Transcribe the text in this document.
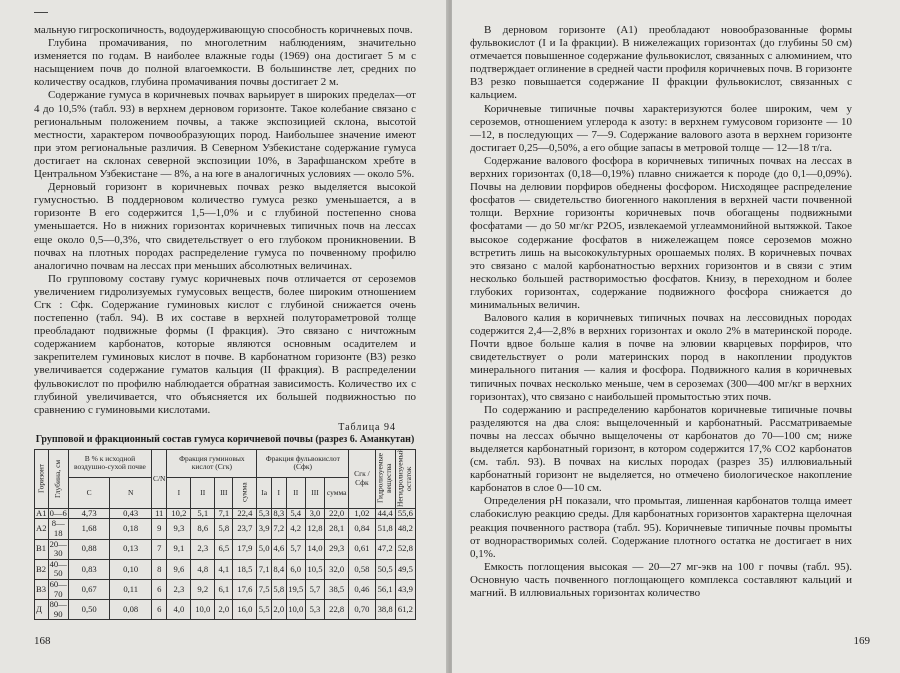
мальную гигроскопичность, водоудерживающую способность коричневых почв.

Глубина промачивания, по многолетним наблюдениям, значительно изменяется по годам. В наиболее влажные годы (1969) она достигает 5 м с насыщением почв до полной влагоемкости. В большинстве лет, средних по количеству осадков, глубина промачивания почвы достигает 2 м.

Содержание гумуса в коричневых почвах варьирует в широких пределах—от 4 до 10,5% (табл. 93) в верхнем дерновом горизонте. Такое колебание связано с региональным положением почвы, а также экспозицией склона, высотой местности, характером почвообразующих пород. Наибольшее значение имеют при этом региональные различия. В Северном Узбекистане содержание гумуса достигает на склонах северной экспозиции 10%, в Зарафшанском хребте в Центральном Узбекистане — 8%, а на юге в аналогичных условиях — около 5%.

Дерновый горизонт в коричневых почвах резко выделяется высокой гумусностью. В поддерновом количество гумуса резко уменьшается, а в горизонте В его содержится 1,5—1,0% и с глубиной постепенно снова уменьшается. Но в нижних горизонтах коричневых типичных почв на лессах еще около 0,5—0,3%, что свидетельствует о его глубоком проникновении. В почвах на плотных породах распределение гумуса по почвенному профилю аналогично почвам на лессах при меньших абсолютных величинах.

По групповому составу гумус коричневых почв отличается от сероземов увеличением гидролизуемых гумусовых веществ, более широким отношением Сгк : Сфк. Содержание гуминовых кислот с глубиной снижается очень постепенно (табл. 94). В их составе в верхней полутораметровой толще преобладают подвижные формы (I фракция). Это связано с ничтожным содержанием карбонатов, которые являются основным осадителем и закрепителем гуминовых кислот в почве. В карбонатном горизонте (В3) резко увеличивается содержание гуматов кальция (II фракция). В распределении фульвокислот по профилю наблюдается обратная зависимость. Количество их с глубиной увеличивается, что объясняется их большей подвижностью по сравнению с гуминовыми кислотами.

Таблица 94
Групповой и фракционный состав гумуса коричневой почвы (разрез 6. Аманкутан)
Горизонт	Глубина, см	В % к исходной воздушно-сухой почве		C/N	Фракция гуминовых кислот (Сгк)				Фракция фульвокислот (Сфк)					Сгк / Сфк	Гидролизуемые вещества	Негидролизуемый остаток
		C	N		I	II	III	сумма	Ia	I	II	III	сумма			
A1	0—6	4,73	0,43	11	10,2	5,1	7,1	22,4	5,3	8,3	5,4	3,0	22,0	1,02	44,4	55,6
A2	8—18	1,68	0,18	9	9,3	8,6	5,8	23,7	3,9	7,2	4,2	12,8	28,1	0,84	51,8	48,2
B1	20—30	0,88	0,13	7	9,1	2,3	6,5	17,9	5,0	4,6	5,7	14,0	29,3	0,61	47,2	52,8
B2	40—50	0,83	0,10	8	9,6	4,8	4,1	18,5	7,1	8,4	6,0	10,5	32,0	0,58	50,5	49,5
B3	60—70	0,67	0,11	6	2,3	9,2	6,1	17,6	7,5	5,8	19,5	5,7	38,5	0,46	56,1	43,9
Д	80—90	0,50	0,08	6	4,0	10,0	2,0	16,0	5,5	2,0	10,0	5,3	22,8	0,70	38,8	61,2
168

В дерновом горизонте (А1) преобладают новообразованные формы фульвокислот (I и Iа фракции). В нижележащих горизонтах (до глубины 50 см) отмечается повышенное содержание фульвокислот, связанных с алюминием, что подтверждает оглинение в средней части профиля коричневых почв. В горизонте В3 резко повышается содержание II фракции фульвокислот, связанных с кальцием.

Коричневые типичные почвы характеризуются более широким, чем у сероземов, отношением углерода к азоту: в верхнем гумусовом горизонте — 10—12, в последующих — 7—9. Содержание валового азота в верхнем горизонте достигает 0,25—0,50%, а его общие запасы в метровой толще — 12—18 т/га.

Содержание валового фосфора в коричневых типичных почвах на лессах в верхних горизонтах (0,18—0,19%) плавно снижается к породе (до 0,1—0,09%). Почвы на делювии порфиров обеднены фосфором. Нисходящее распределение фосфатов — свидетельство биогенного накопления в верхней части почвенной толщи. Верхние горизонты коричневых почв обогащены подвижными фосфатами — до 50 мг/кг P2O5, извлекаемой углеаммонийной вытяжкой. Такое высокое содержание фосфатов в нижележащем поясе сероземов можно встретить лишь на высококультурных орошаемых полях. В коричневых почвах это связано с малой карбонатностью верхних горизонтов и в связи с этим несколько большей растворимостью фосфатов. Книзу, в переходном и более глубоких горизонтах, содержание подвижного фосфора снижается до минимальных величин.

Валового калия в коричневых типичных почвах на лессовидных породах содержится 2,4—2,8% в верхних горизонтах и около 2% в материнской породе. Почти вдвое больше калия в почве на элювии кварцевых порфиров, что свидетельствует о роли материнских пород в накоплении продуктов минерального питания — калия и фосфора. Подвижного калия в коричневых типичных почвах несколько меньше, чем в сероземах (300—400 мг/кг в верхних горизонтах), что связано с наибольшей промытостью этих почв.

По содержанию и распределению карбонатов коричневые типичные почвы разделяются на два слоя: выщелоченный и карбонатный. Рассматриваемые почвы на лессах обычно выщелочены от карбонатов до 70—100 см; ниже выделяется карбонатный горизонт, в котором содержится 17,% CO2 карбонатов (см. табл. 93). В почвах на кислых породах (разрез 35) иллювиальный карбонатный горизонт не выделяется, но отмечено биологическое накопление карбонатов в слое 0—10 см.

Определения pH показали, что промытая, лишенная карбонатов толща имеет слабокислую реакцию среды. Для карбонатных горизонтов характерна щелочная реакция почвенного раствора (табл. 95). Коричневые типичные почвы промыты от воднорастворимых солей. Содержание плотного остатка не достигает в них 0,1%.

Емкость поглощения высокая — 20—27 мг-экв на 100 г почвы (табл. 95). Основную часть почвенного поглощающего комплекса составляют кальций и магний. В иллювиальных горизонтах количество

169
